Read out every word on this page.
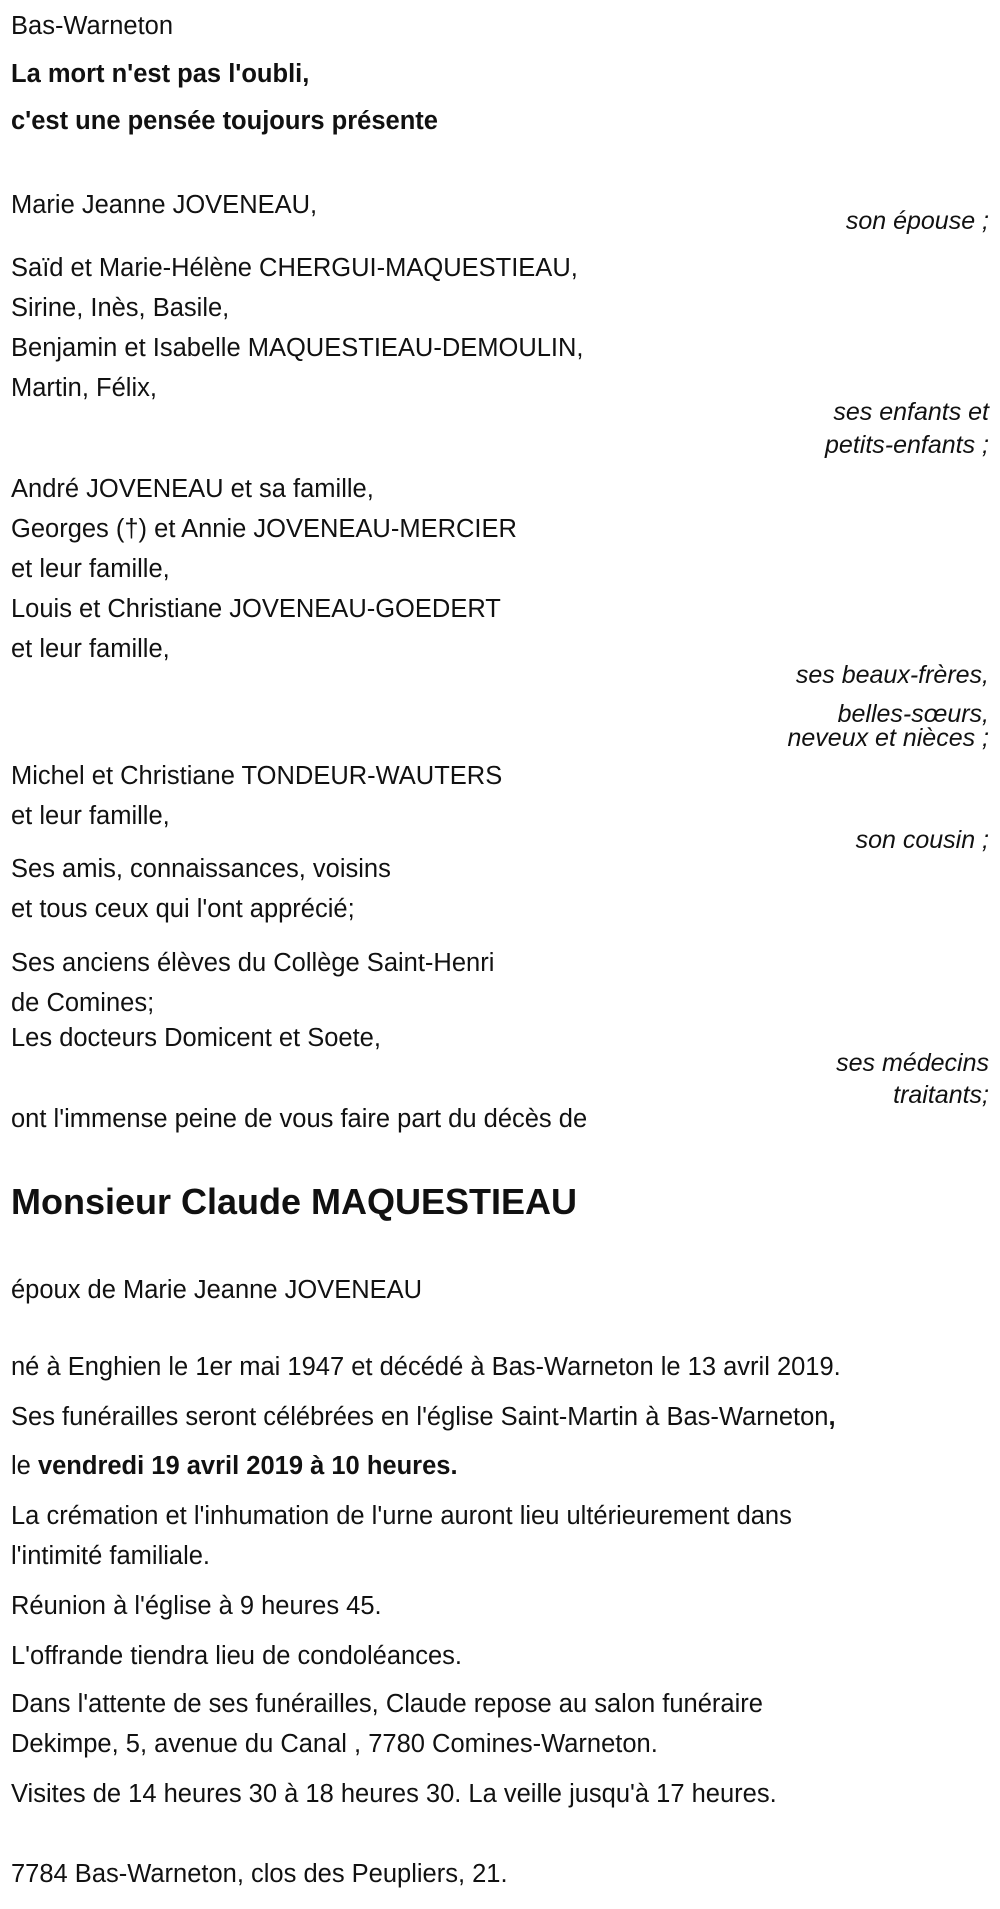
Bas-Warneton
La mort n'est pas l'oubli,
c'est une pensée toujours présente
Marie Jeanne JOVENEAU,
son épouse ;
Saïd et Marie-Hélène CHERGUI-MAQUESTIEAU,
Sirine, Inès, Basile,
Benjamin et Isabelle MAQUESTIEAU-DEMOULIN,
Martin, Félix,
ses enfants et
petits-enfants ;
André JOVENEAU et sa famille,
Georges (†) et Annie JOVENEAU-MERCIER
et leur famille,
Louis et Christiane JOVENEAU-GOEDERT
et leur famille,
ses beaux-frères,
belles-sœurs,
neveux et nièces ;
Michel et Christiane TONDEUR-WAUTERS
et leur famille,
son cousin ;
Ses amis, connaissances, voisins
et tous ceux qui l'ont apprécié;
Ses anciens élèves du Collège Saint-Henri
de Comines;
Les docteurs Domicent et Soete,
ses médecins
traitants;
ont l'immense peine de vous faire part du décès de
Monsieur Claude MAQUESTIEAU
époux de Marie Jeanne JOVENEAU
né à Enghien le 1er mai 1947 et décédé à Bas-Warneton le 13 avril 2019.
Ses funérailles seront célébrées en l'église Saint-Martin à Bas-Warneton,
le vendredi 19 avril 2019 à 10 heures.
La crémation et l'inhumation de l'urne auront lieu ultérieurement dans
l'intimité familiale.
Réunion à l'église à 9 heures 45.
L'offrande tiendra lieu de condoléances.
Dans l'attente de ses funérailles, Claude repose au salon funéraire
Dekimpe, 5, avenue du Canal , 7780 Comines-Warneton.
Visites de 14 heures 30 à 18 heures 30. La veille jusqu'à 17 heures.
7784 Bas-Warneton, clos des Peupliers, 21.
